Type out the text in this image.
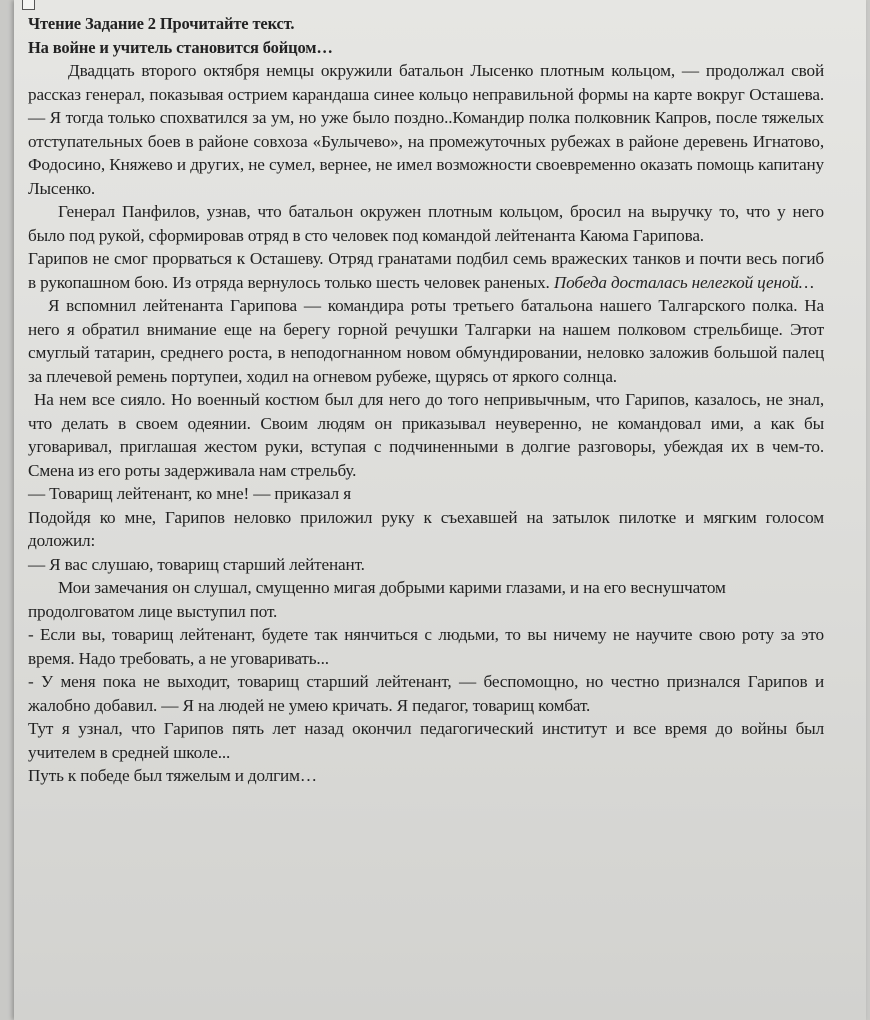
Чтение Задание 2 Прочитайте текст.

На войне и учитель становится бойцом…

Двадцать второго октября немцы окружили батальон Лысенко плотным кольцом, — продолжал свой рассказ генерал, показывая острием карандаша синее кольцо неправильной формы на карте вокруг Осташева. — Я тогда только спохватился за ум, но уже было поздно..Командир полка полковник Капров, после тяжелых отступательных боев в районе совхоза «Булычево», на промежуточных рубежах в районе деревень Игнатово, Фодосино, Княжево и других, не сумел, вернее, не имел возможности своевременно оказать помощь капитану Лысенко.

Генерал Панфилов, узнав, что батальон окружен плотным кольцом, бросил на выручку то, что у него было под рукой, сформировав отряд в сто человек под командой лейтенанта Каюма Гарипова.

Гарипов не смог прорваться к Осташеву. Отряд гранатами подбил семь вражеских танков и почти весь погиб в рукопашном бою. Из отряда вернулось только шесть человек раненых. Победа досталась нелегкой ценой…

Я вспомнил лейтенанта Гарипова — командира роты третьего батальона нашего Талгарского полка. На него я обратил внимание еще на берегу горной речушки Талгарки на нашем полковом стрельбище. Этот смуглый татарин, среднего роста, в неподогнанном новом обмундировании, неловко заложив большой палец за плечевой ремень портупеи, ходил на огневом рубеже, щурясь от яркого солнца.

На нем все сияло. Но военный костюм был для него до того непривычным, что Гарипов, казалось, не знал, что делать в своем одеянии. Своим людям он приказывал неуверенно, не командовал ими, а как бы уговаривал, приглашая жестом руки, вступая с подчиненными в долгие разговоры, убеждая их в чем-то. Смена из его роты задерживала нам стрельбу.

— Товарищ лейтенант, ко мне! — приказал я

Подойдя ко мне, Гарипов неловко приложил руку к съехавшей на затылок пилотке и мягким голосом доложил:

— Я вас слушаю, товарищ старший лейтенант.

Мои замечания он слушал, смущенно мигая добрыми карими глазами, и на его веснушчатом

продолговатом лице выступил пот.

- Если вы, товарищ лейтенант, будете так нянчиться с людьми, то вы ничему не научите свою роту за это время. Надо требовать, а не уговаривать...

- У меня пока не выходит, товарищ старший лейтенант, — беспомощно, но честно признался Гарипов и жалобно добавил. — Я на людей не умею кричать. Я педагог, товарищ комбат.

Тут я узнал, что Гарипов пять лет назад окончил педагогический институт и все время до войны был учителем в средней школе...

Путь к победе был тяжелым и долгим…
